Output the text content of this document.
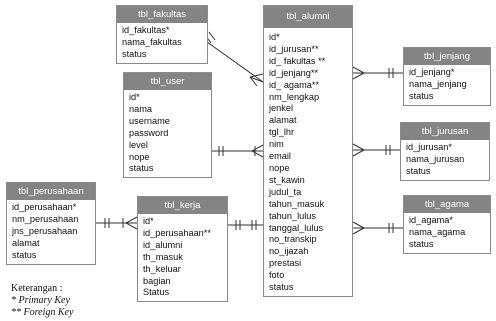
tbl_fakultas
id_fakultas*
nama_fakultas
status
tbl_alumni
id*
id_jurusan**
id_ fakultas **
id_jenjang**
id_ agama**
nm_lengkap
jenkel
alamat
tgl_lhr
nim
email
nope
st_kawin
judul_ta
tahun_masuk
tahun_lulus
tanggal_lulus
no_transkip
no_ijazah
prestasi
foto
status
tbl_jenjang
id_jenjang*
nama_jenjang
status
tbl_user
id*
nama
username
password
level
nope
status
tbl_jurusan
id_jurusan*
nama_jurusan
status
tbl_perusahaan
id_perusahaan*
nm_perusahaan
jns_perusahaan
alamat
status
tbl_kerja
id*
id_perusahaan**
id_alumni
th_masuk
th_keluar
bagian
Status
tbl_agama
id_agama*
nama_agama
status
Keterangan :
* Primary Key
** Foreign Key
